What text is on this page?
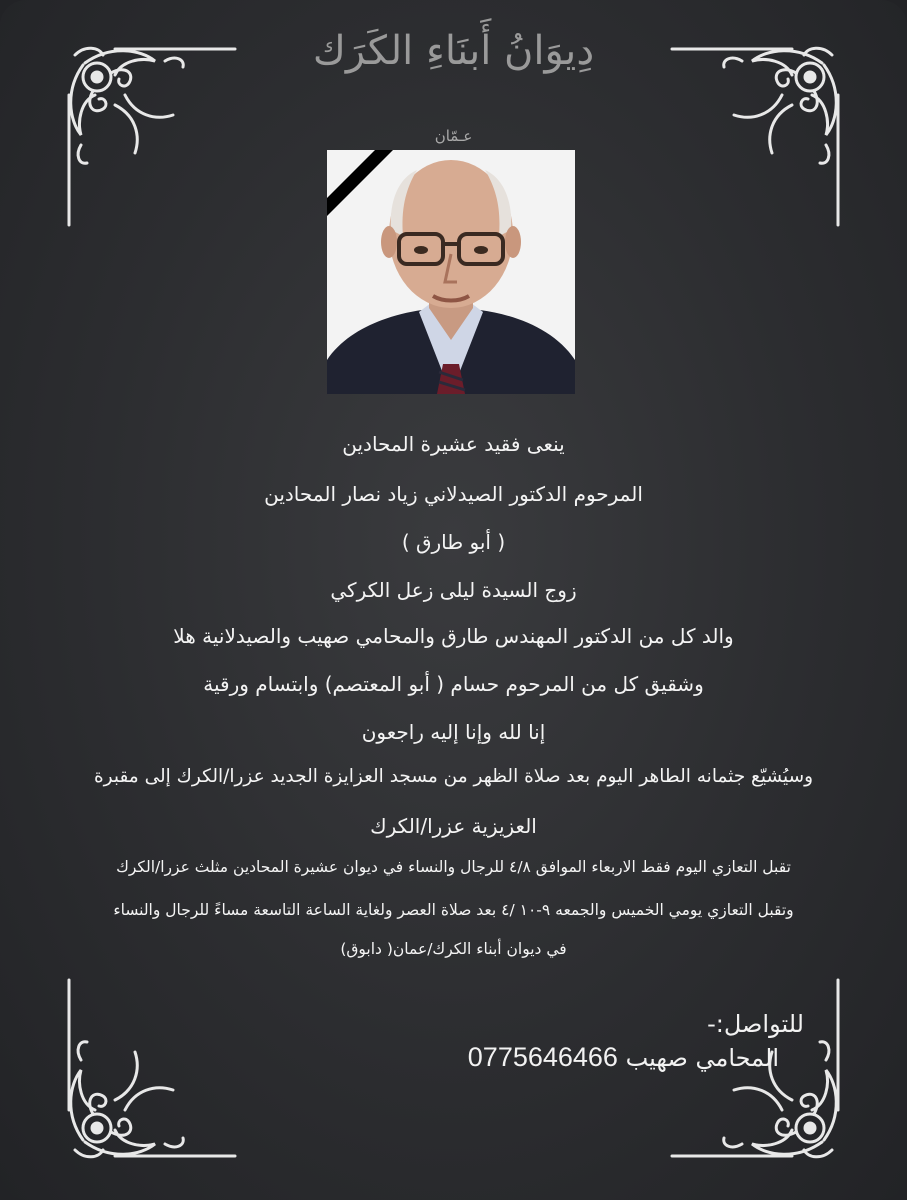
دِيوَانُ أَبنَاءِ الكَرَك
عـمّان
ينعى فقيد عشيرة المحادين
المرحوم الدكتور الصيدلاني زياد نصار المحادين
( أبو طارق )
زوج السيدة ليلى زعل الكركي
والد كل من الدكتور المهندس طارق والمحامي صهيب والصيدلانية هلا
وشقيق كل من المرحوم حسام ( أبو المعتصم) وابتسام ورقية
إنا لله وإنا إليه راجعون
وسيُشيّع جثمانه الطاهر اليوم بعد صلاة الظهر من مسجد العزايزة الجديد عزرا/الكرك إلى مقبرة
العزيزية عزرا/الكرك
تقبل التعازي اليوم فقط الاربعاء الموافق ٤/٨ للرجال والنساء في ديوان عشيرة المحادين مثلث عزرا/الكرك
وتقبل التعازي يومي الخميس والجمعه ٩-١٠ /٤ بعد صلاة العصر ولغاية الساعة التاسعة مساءً للرجال والنساء
في ديوان أبناء الكرك/عمان( دابوق)
للتواصل:-
المحامي صهيب 0775646466
